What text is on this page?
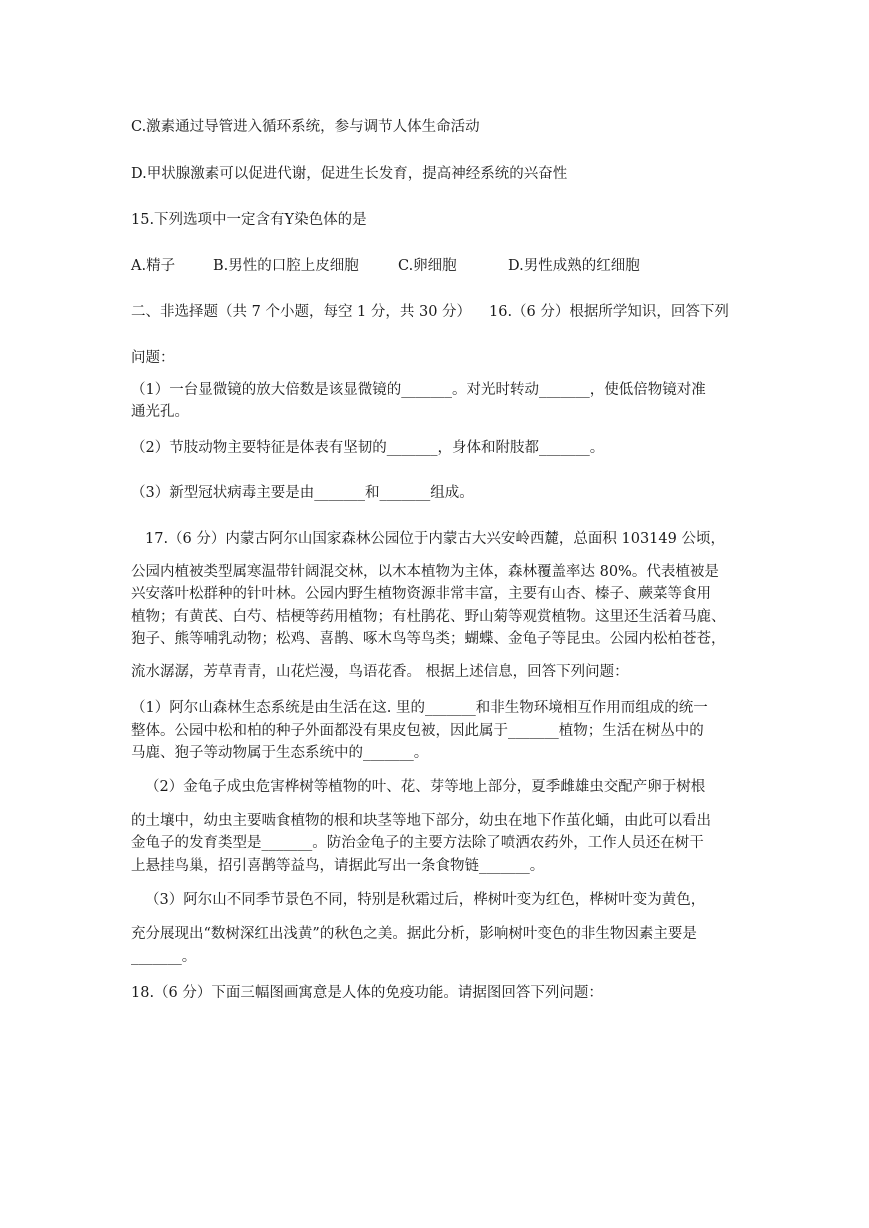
C.激素通过导管进入循环系统，参与调节人体生命活动
D.甲状腺激素可以促进代谢，促进生长发育，提高神经系统的兴奋性
15.下列选项中一定含有Y染色体的是
A.精子	B.男性的口腔上皮细胞	C.卵细胞	D.男性成熟的红细胞
二、非选择题（共 7 个小题，每空 1 分，共 30 分） 16.（6 分）根据所学知识，回答下列
问题：
（1）一台显微镜的放大倍数是该显微镜的_______。对光时转动_______，使低倍物镜对准
通光孔。
（2）节肢动物主要特征是体表有坚韧的_______，身体和附肢都_______。
（3）新型冠状病毒主要是由_______和_______组成。
17.（6 分）内蒙古阿尔山国家森林公园位于内蒙古大兴安岭西麓，总面积 103149 公顷，
公园内植被类型属寒温带针阔混交林，以木本植物为主体，森林覆盖率达 80%。代表植被是
兴安落叶松群种的针叶林。公园内野生植物资源非常丰富，主要有山杏、榛子、蕨菜等食用
植物；有黄芪、白芍、桔梗等药用植物；有杜鹃花、野山菊等观赏植物。这里还生活着马鹿、
狍子、熊等哺乳动物；松鸡、喜鹊、啄木鸟等鸟类；蝴蝶、金龟子等昆虫。公园内松柏苍苍，
流水潺潺，芳草青青，山花烂漫，鸟语花香。 根据上述信息，回答下列问题：
（1）阿尔山森林生态系统是由生活在这. 里的_______和非生物环境相互作用而组成的统一
整体。公园中松和柏的种子外面都没有果皮包被，因此属于_______植物；生活在树丛中的
马鹿、狍子等动物属于生态系统中的_______。
（2）金龟子成虫危害桦树等植物的叶、花、芽等地上部分，夏季雌雄虫交配产卵于树根
的土壤中，幼虫主要啮食植物的根和块茎等地下部分，幼虫在地下作茧化蛹，由此可以看出
金龟子的发育类型是_______。防治金龟子的主要方法除了喷洒农药外，工作人员还在树干
上悬挂鸟巢，招引喜鹊等益鸟，请据此写出一条食物链_______。
（3）阿尔山不同季节景色不同，特别是秋霜过后，桦树叶变为红色，桦树叶变为黄色，
充分展现出“数树深红出浅黄”的秋色之美。据此分析，影响树叶变色的非生物因素主要是
_______。
18.（6 分）下面三幅图画寓意是人体的免疫功能。请据图回答下列问题：
